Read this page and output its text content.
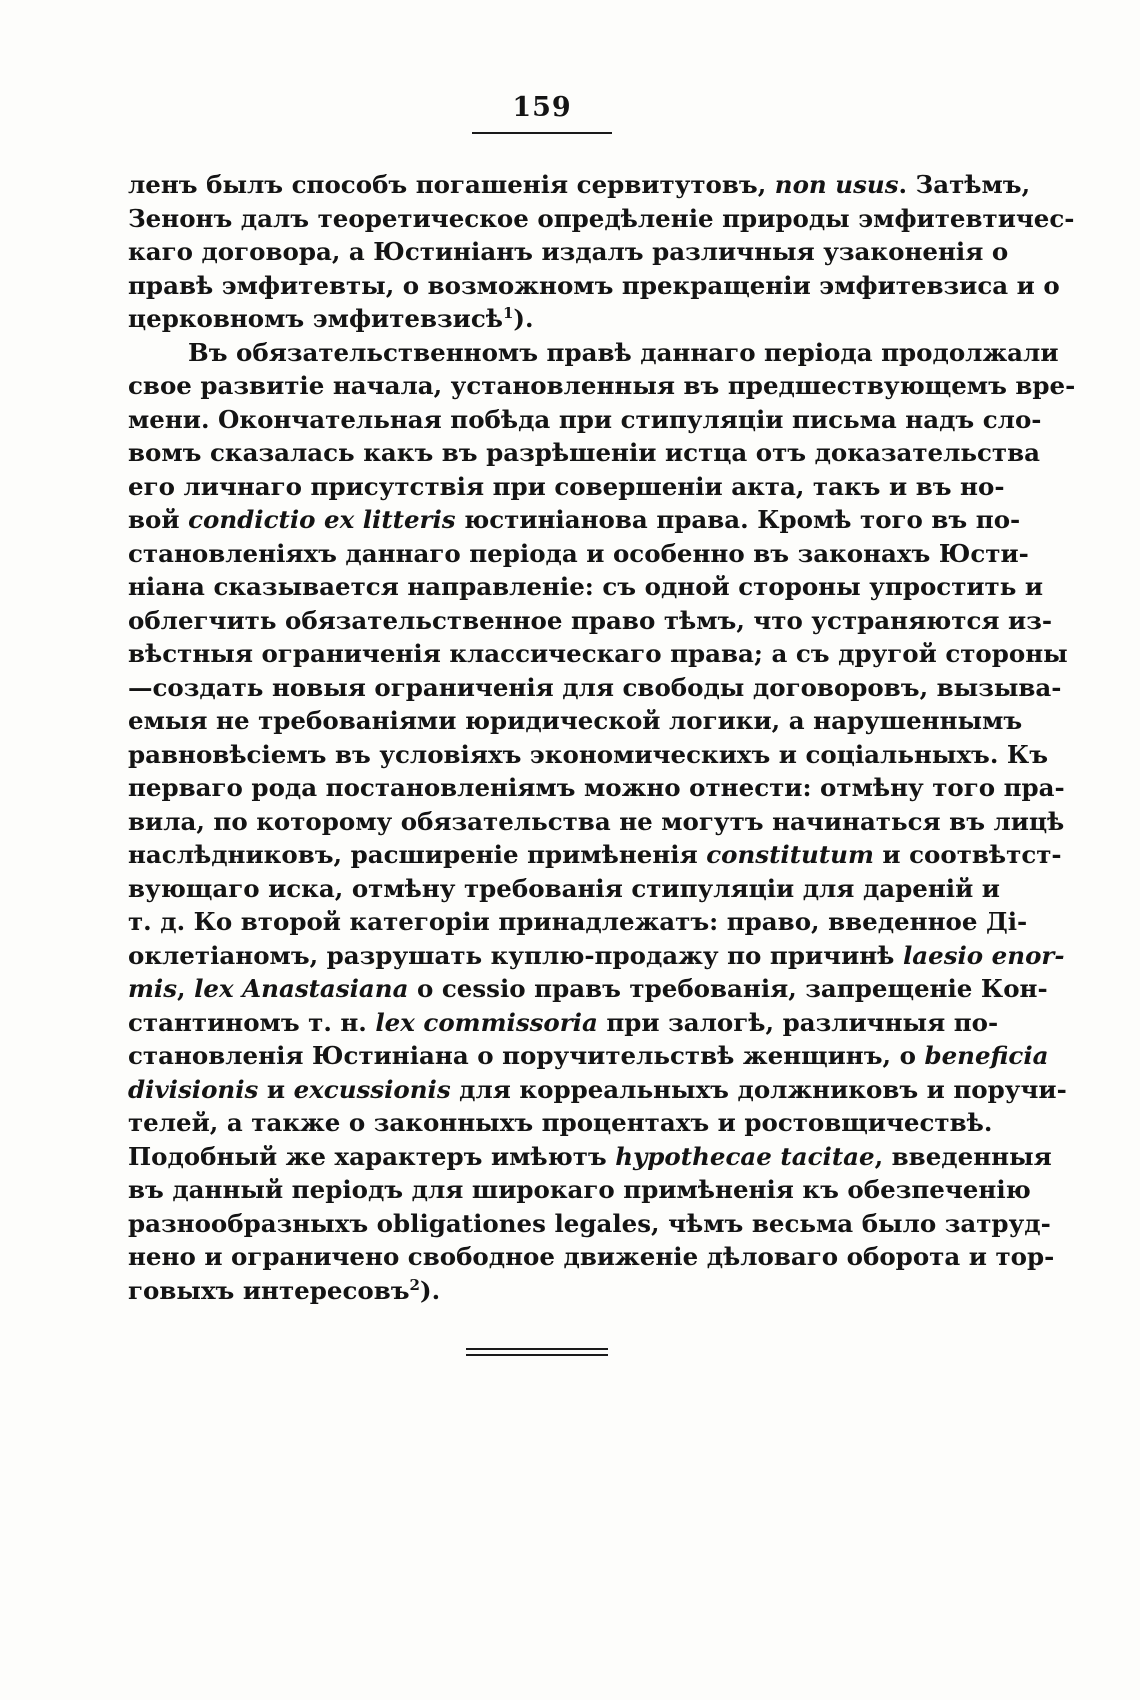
159
ленъ былъ способъ погашенія сервитутовъ, non usus. Затѣмъ,
Зенонъ далъ теоретическое опредѣленіе природы эмфитевтичес-
каго договора, а Юстиніанъ издалъ различныя узаконенія о
правѣ эмфитевты, о возможномъ прекращеніи эмфитевзиса и о
церковномъ эмфитевзисѣ$^1$).
Въ обязательственномъ правѣ даннаго періода продолжали
свое развитіе начала, установленныя въ предшествующемъ вре-
мени. Окончательная побѣда при стипуляціи письма надъ сло-
вомъ сказалась какъ въ разрѣшеніи истца отъ доказательства
его личнаго присутствія при совершеніи акта, такъ и въ но-
вой condictio ex litteris юстиніанова права. Кромѣ того въ по-
становленіяхъ даннаго періода и особенно въ законахъ Юсти-
ніана сказывается направленіе: съ одной стороны упростить и
облегчить обязательственное право тѣмъ, что устраняются из-
вѣстныя ограниченія классическаго права; а съ другой стороны
—создать новыя ограниченія для свободы договоровъ, вызыва-
емыя не требованіями юридической логики, а нарушеннымъ
равновѣсіемъ въ условіяхъ экономическихъ и соціальныхъ. Къ
перваго рода постановленіямъ можно отнести: отмѣну того пра-
вила, по которому обязательства не могутъ начинаться въ лицѣ
наслѣдниковъ, расширеніе примѣненія constitutum и соотвѣтст-
вующаго иска, отмѣну требованія стипуляціи для дареній и
т. д. Ко второй категоріи принадлежатъ: право, введенное Ді-
оклетіаномъ, разрушать куплю-продажу по причинѣ laesio enor-
mis, lex Anastasiana о cessio правъ требованія, запрещеніе Кон-
стантиномъ т. н. lex commissoria при залогѣ, различныя по-
становленія Юстиніана о поручительствѣ женщинъ, о beneficia
divisionis и excussionis для корреальныхъ должниковъ и поручи-
телей, а также о законныхъ процентахъ и ростовщичествѣ.
Подобный же характеръ имѣютъ hypothecae tacitae, введенныя
въ данный періодъ для широкаго примѣненія къ обезпеченію
разнообразныхъ obligationes legales, чѣмъ весьма было затруд-
нено и ограничено свободное движеніе дѣловаго оборота и тор-
говыхъ интересовъ$^2$).
